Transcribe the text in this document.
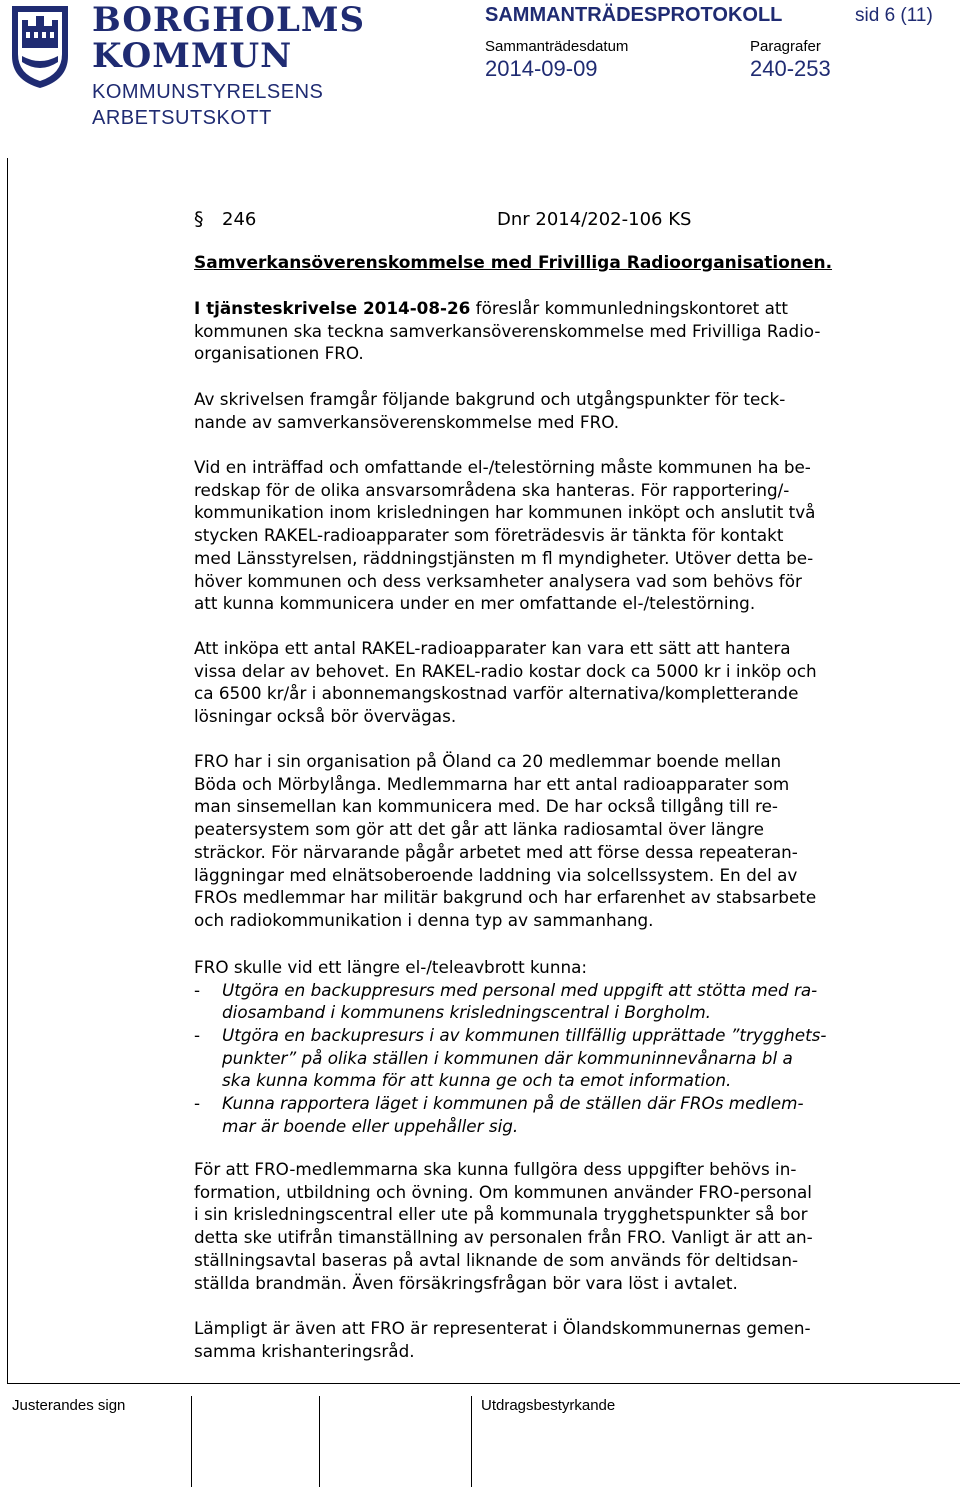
BORGHOLMS
KOMMUN
KOMMUNSTYRELSENS
ARBETSUTSKOTT
SAMMANTRÄDESPROTOKOLL	sid 6 (11)
Sammanträdesdatum
2014-09-09
Paragrafer
240-253
§ 246	Dnr 2014/202-106 KS
Samverkansöverenskommelse med Frivilliga Radioorganisationen.
I tjänsteskrivelse 2014-08-26 föreslår kommunledningskontoret att
kommunen ska teckna samverkansöverenskommelse med Frivilliga Radio-
organisationen FRO.
Av skrivelsen framgår följande bakgrund och utgångspunkter för teck-
nande av samverkansöverenskommelse med FRO.
Vid en inträffad och omfattande el-/telestörning måste kommunen ha be-
redskap för de olika ansvarsområdena ska hanteras. För rapportering/-
kommunikation inom krisledningen har kommunen inköpt och anslutit två
stycken RAKEL-radioapparater som företrädesvis är tänkta för kontakt
med Länsstyrelsen, räddningstjänsten m fl myndigheter. Utöver detta be-
höver kommunen och dess verksamheter analysera vad som behövs för
att kunna kommunicera under en mer omfattande el-/telestörning.
Att inköpa ett antal RAKEL-radioapparater kan vara ett sätt att hantera
vissa delar av behovet. En RAKEL-radio kostar dock ca 5000 kr i inköp och
ca 6500 kr/år i abonnemangskostnad varför alternativa/kompletterande
lösningar också bör övervägas.
FRO har i sin organisation på Öland ca 20 medlemmar boende mellan
Böda och Mörbylånga. Medlemmarna har ett antal radioapparater som
man sinsemellan kan kommunicera med. De har också tillgång till re-
peatersystem som gör att det går att länka radiosamtal över längre
sträckor. För närvarande pågår arbetet med att förse dessa repeateran-
läggningar med elnätsoberoende laddning via solcellssystem. En del av
FROs medlemmar har militär bakgrund och har erfarenhet av stabsarbete
och radiokommunikation i denna typ av sammanhang.
FRO skulle vid ett längre el-/teleavbrott kunna:
- Utgöra en backuppresurs med personal med uppgift att stötta med ra-
diosamband i kommunens krisledningscentral i Borgholm.
- Utgöra en backupresurs i av kommunen tillfällig upprättade ”trygghets-
punkter” på olika ställen i kommunen där kommuninnevånarna bl a
ska kunna komma för att kunna ge och ta emot information.
- Kunna rapportera läget i kommunen på de ställen där FROs medlem-
mar är boende eller uppehåller sig.
För att FRO-medlemmarna ska kunna fullgöra dess uppgifter behövs in-
formation, utbildning och övning. Om kommunen använder FRO-personal
i sin krisledningscentral eller ute på kommunala trygghetspunkter så bor
detta ske utifrån timanställning av personalen från FRO. Vanligt är att an-
ställningsavtal baseras på avtal liknande de som används för deltidsan-
ställda brandmän. Även försäkringsfrågan bör vara löst i avtalet.
Lämpligt är även att FRO är representerat i Ölandskommunernas gemen-
samma krishanteringsråd.
Justerandes sign	Utdragsbestyrkande
